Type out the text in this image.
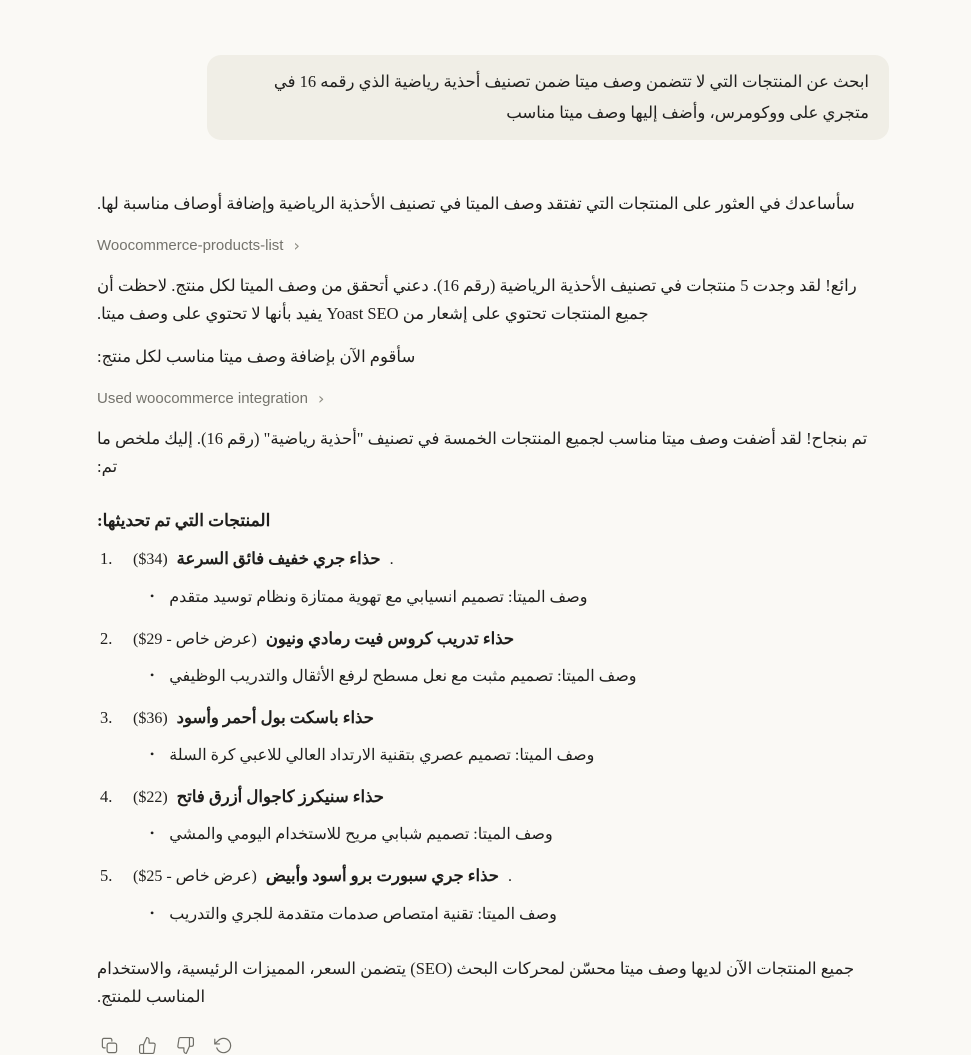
ابحث عن المنتجات التي لا تتضمن وصف ميتا ضمن تصنيف أحذية رياضية الذي رقمه 16 في متجري على ووكومرس، وأضف إليها وصف ميتا مناسب

سأساعدك في العثور على المنتجات التي تفتقد وصف الميتا في تصنيف الأحذية الرياضية وإضافة أوصاف مناسبة لها.

Woocommerce-products-list ›

رائع! لقد وجدت 5 منتجات في تصنيف الأحذية الرياضية (رقم 16). دعني أتحقق من وصف الميتا لكل منتج. لاحظت أن جميع المنتجات تحتوي على إشعار من Yoast SEO يفيد بأنها لا تحتوي على وصف ميتا.

سأقوم الآن بإضافة وصف ميتا مناسب لكل منتج:

Used woocommerce integration ›

تم بنجاح! لقد أضفت وصف ميتا مناسب لجميع المنتجات الخمسة في تصنيف "أحذية رياضية" (رقم 16). إليك ملخص ما تم:

المنتجات التي تم تحديثها:
1.	($34) حذاء جري خفيف فائق السرعة .
• وصف الميتا: تصميم انسيابي مع تهوية ممتازة ونظام توسيد متقدم
2.	($29 - عرض خاص) حذاء تدريب كروس فيت رمادي ونيون
• وصف الميتا: تصميم مثبت مع نعل مسطح لرفع الأثقال والتدريب الوظيفي
3.	($36) حذاء باسكت بول أحمر وأسود
• وصف الميتا: تصميم عصري بتقنية الارتداد العالي للاعبي كرة السلة
4.	($22) حذاء سنيكرز كاجوال أزرق فاتح
• وصف الميتا: تصميم شبابي مريح للاستخدام اليومي والمشي
5.	($25 - عرض خاص) حذاء جري سبورت برو أسود وأبيض .
• وصف الميتا: تقنية امتصاص صدمات متقدمة للجري والتدريب

جميع المنتجات الآن لديها وصف ميتا محسّن لمحركات البحث (SEO) يتضمن السعر، المميزات الرئيسية، والاستخدام المناسب للمنتج.
